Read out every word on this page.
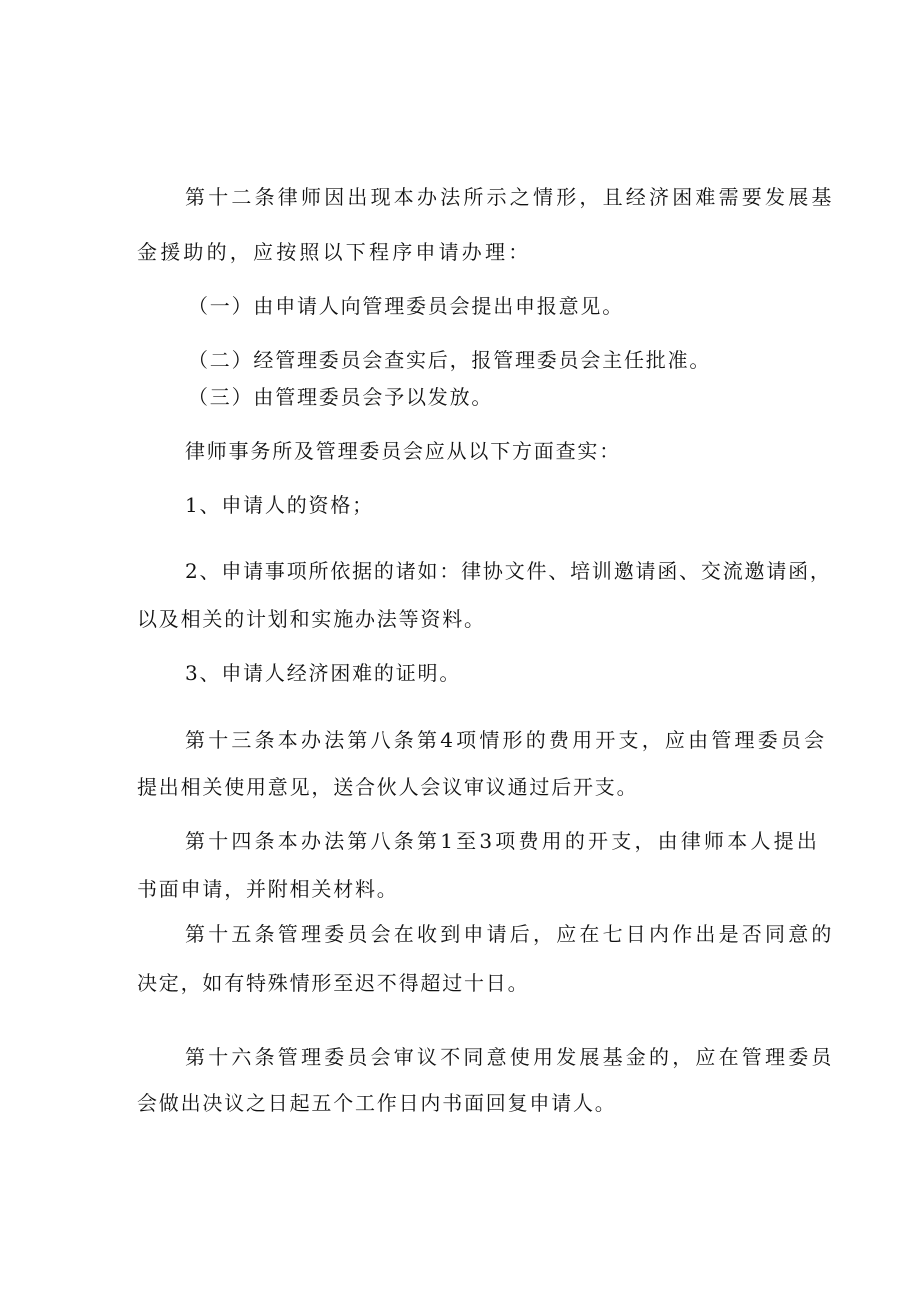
第十二条律师因出现本办法所示之情形，且经济困难需要发展基

金援助的，应按照以下程序申请办理：

（一）由申请人向管理委员会提出申报意见。

（二）经管理委员会查实后，报管理委员会主任批准。

（三）由管理委员会予以发放。

律师事务所及管理委员会应从以下方面查实：

1、申请人的资格；

2、申请事项所依据的诸如：律协文件、培训邀请函、交流邀请函，

以及相关的计划和实施办法等资料。

3、申请人经济困难的证明。

第十三条本办法第八条第4项情形的费用开支，应由管理委员会

提出相关使用意见，送合伙人会议审议通过后开支。

第十四条本办法第八条第1至3项费用的开支，由律师本人提出

书面申请，并附相关材料。

第十五条管理委员会在收到申请后，应在七日内作出是否同意的

决定，如有特殊情形至迟不得超过十日。

第十六条管理委员会审议不同意使用发展基金的，应在管理委员

会做出决议之日起五个工作日内书面回复申请人。
